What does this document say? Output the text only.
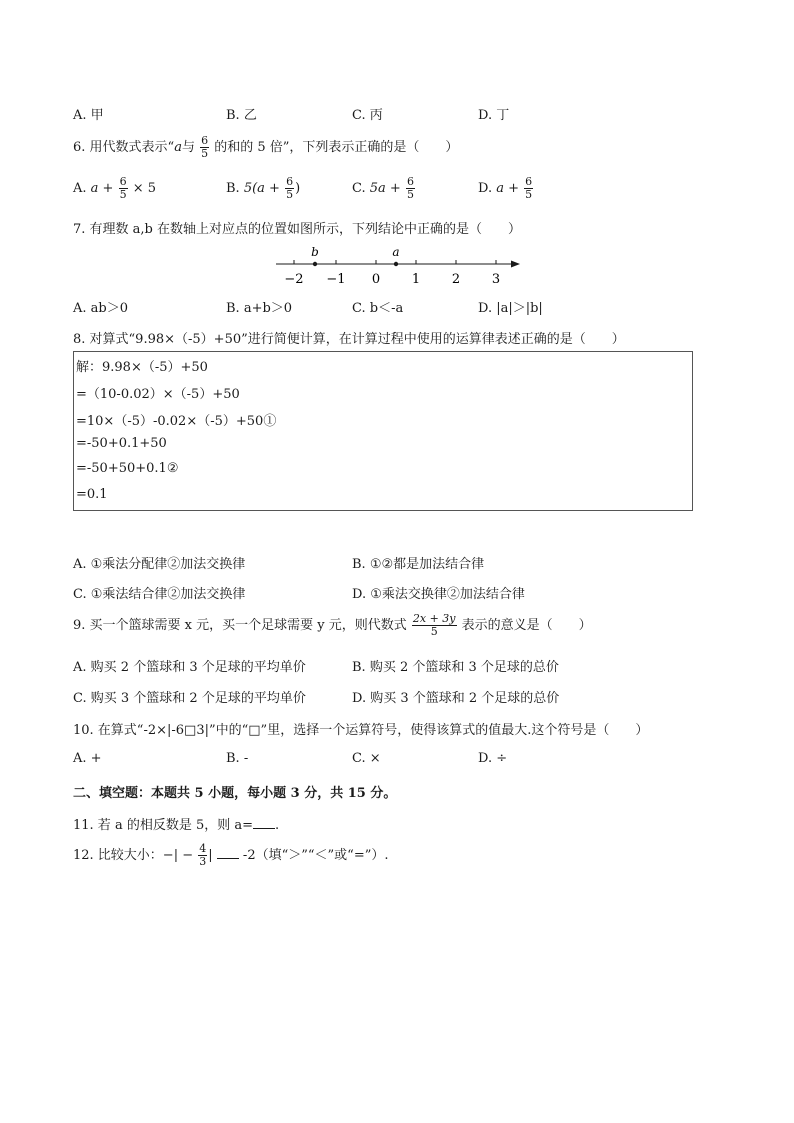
A. 甲	B. 乙	C. 丙	D. 丁
6. 用代数式表示“a与 $\frac{6}{5}$ 的和的 5 倍”，下列表示正确的是（　　）
A. $a + \frac{6}{5} \times 5$	B. $5(a + \frac{6}{5}$ )	C. $5a + \frac{6}{5}$	D. $a + \frac{6}{5}$
7. 有理数 a,b 在数轴上对应点的位置如图所示，下列结论中正确的是（　　）
b	a
−2 −1 0 1 2 3
A. ab＞0	B. a+b＞0	C. b＜-a	D. |a|＞|b|
8. 对算式“9.98×（-5）+50”进行简便计算，在计算过程中使用的运算律表述正确的是（　　）
解：9.98×（-5）+50
=（10-0.02）×（-5）+50
=10×（-5）-0.02×（-5）+50①
=-50+0.1+50
=-50+50+0.1②
=0.1
A. ①乘法分配律②加法交换律	B. ①②都是加法结合律
C. ①乘法结合律②加法交换律	D. ①乘法交换律②加法结合律
9. 买一个篮球需要 x 元，买一个足球需要 y 元，则代数式 $\frac{2x + 3y}{5}$ 表示的意义是（　　）
A. 购买 2 个篮球和 3 个足球的平均单价	B. 购买 2 个篮球和 3 个足球的总价
C. 购买 3 个篮球和 2 个足球的平均单价	D. 购买 3 个篮球和 2 个足球的总价
10. 在算式“-2×|-6□3|”中的“□”里，选择一个运算符号，使得该算式的值最大.这个符号是（　　）
A. +	B. -	C. ×	D. ÷
二、填空题：本题共 5 小题，每小题 3 分，共 15 分。
11. 若 a 的相反数是 5，则 a= .
12. 比较大小：−| − $\frac{4}{3}$ | -2（填“＞”“＜”或“=”）.
